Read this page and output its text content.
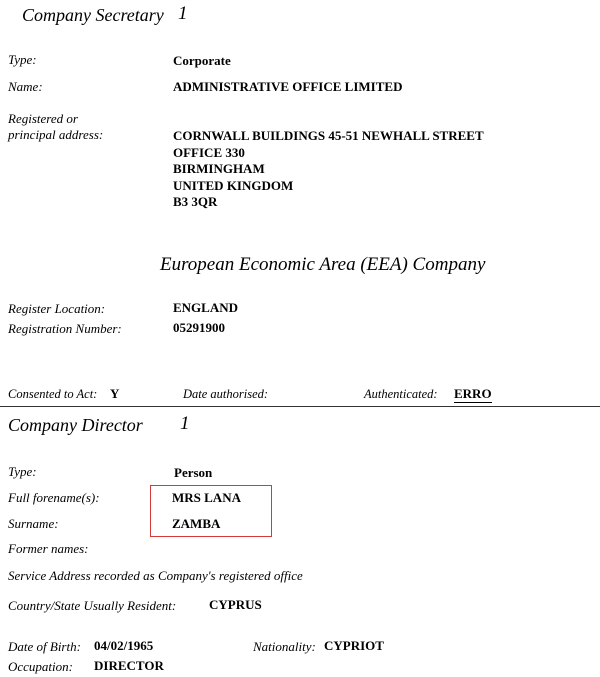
Company Secretary 1
Type:	Corporate
Name:	ADMINISTRATIVE OFFICE LIMITED
Registered or
principal address:	CORNWALL BUILDINGS 45-51 NEWHALL STREET
OFFICE 330
BIRMINGHAM
UNITED KINGDOM
B3 3QR
European Economic Area (EEA) Company
Register Location:	ENGLAND
Registration Number:	05291900
Consented to Act: Y	Date authorised:	Authenticated: ERRO
Company Director 1
Type:	Person
Full forename(s):	MRS LANA
Surname:	ZAMBA
Former names:
Service Address recorded as Company's registered office
Country/State Usually Resident:	CYPRUS
Date of Birth: 04/02/1965	Nationality: CYPRIOT
Occupation: DIRECTOR
